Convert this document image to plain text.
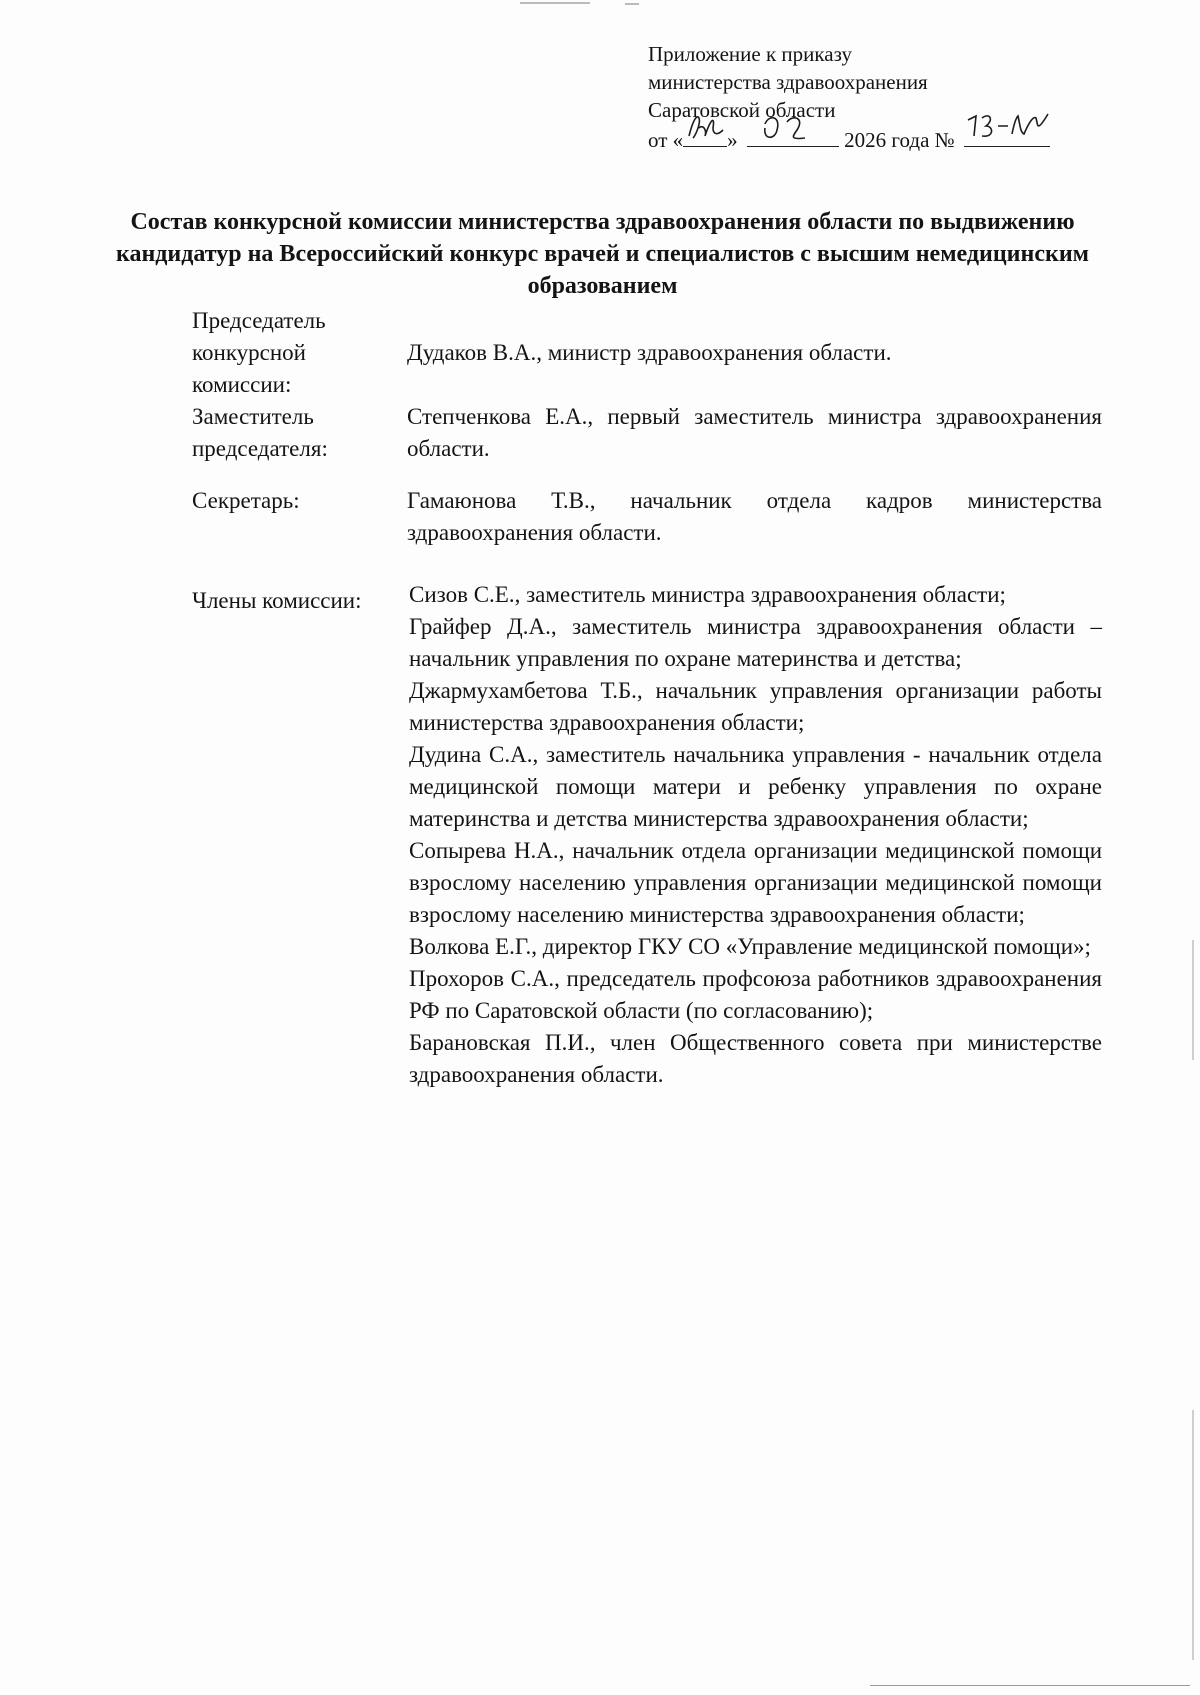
Приложение к приказу
министерства здравоохранения
Саратовской области
от « »	2026 года №
Состав конкурсной комиссии министерства здравоохранения области по выдвижению кандидатур на Всероссийский конкурс врачей и специалистов с высшим немедицинским образованием
Председатель конкурсной комиссии:
Дудаков В.А., министр здравоохранения области.
Заместитель председателя:
Степченкова Е.А., первый заместитель министра здравоохранения области.
Секретарь:	Гамаюнова Т.В., начальник отдела кадров министерства здравоохранения области.
Члены комиссии:	Сизов С.Е., заместитель министра здравоохранения области;

Грайфер Д.А., заместитель министра здравоохранения области – начальник управления по охране материнства и детства;

Джармухамбетова Т.Б., начальник управления организации работы министерства здравоохранения области;

Дудина С.А., заместитель начальника управления - начальник отдела медицинской помощи матери и ребенку управления по охране материнства и детства министерства здравоохранения области;

Сопырева Н.А., начальник отдела организации медицинской помощи взрослому населению управления организации медицинской помощи взрослому населению министерства здравоохранения области;

Волкова Е.Г., директор ГКУ СО «Управление медицинской помощи»;

Прохоров С.А., председатель профсоюза работников здравоохранения РФ по Саратовской области (по согласованию);

Барановская П.И., член Общественного совета при министерстве здравоохранения области.
